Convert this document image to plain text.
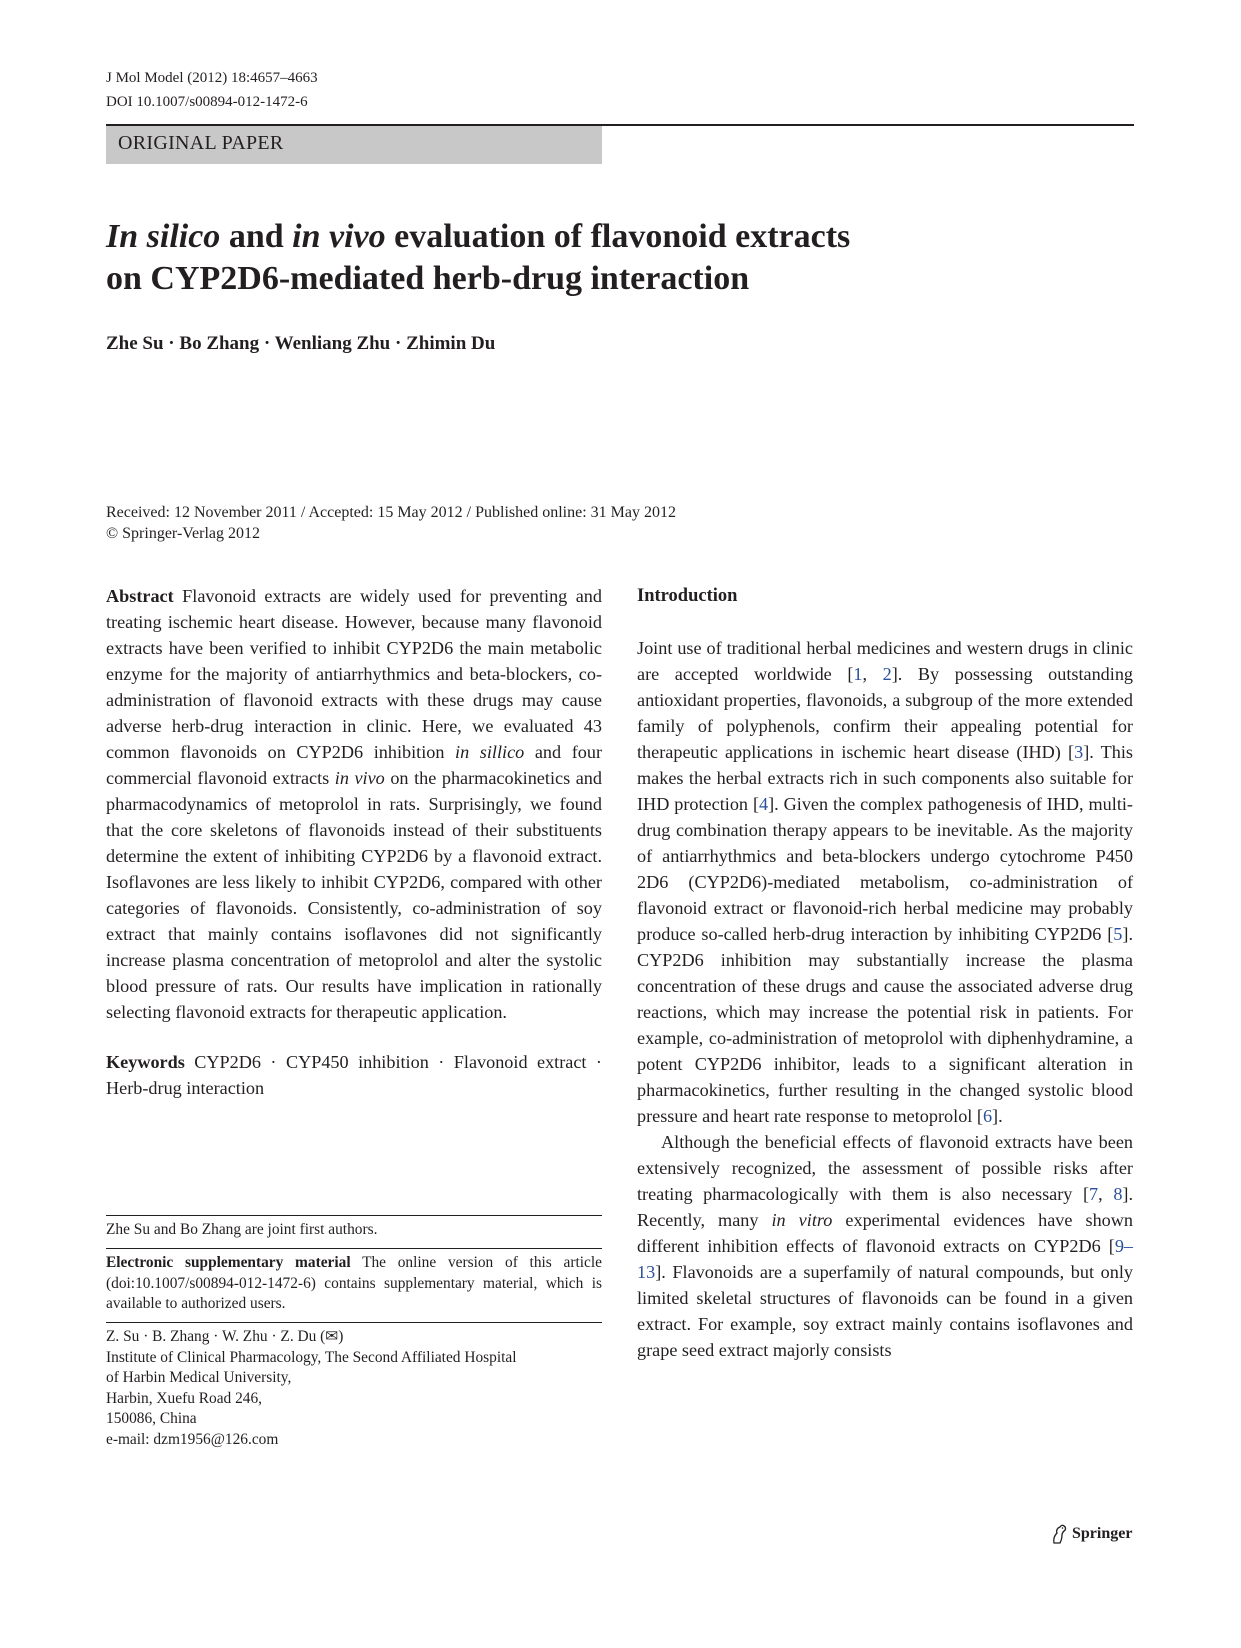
J Mol Model (2012) 18:4657–4663
DOI 10.1007/s00894-012-1472-6
ORIGINAL PAPER
In silico and in vivo evaluation of flavonoid extracts
on CYP2D6-mediated herb-drug interaction
Zhe Su · Bo Zhang · Wenliang Zhu · Zhimin Du
Received: 12 November 2011 / Accepted: 15 May 2012 / Published online: 31 May 2012
© Springer-Verlag 2012

Abstract Flavonoid extracts are widely used for preventing and treating ischemic heart disease. However, because many flavonoid extracts have been verified to inhibit CYP2D6 the main metabolic enzyme for the majority of antiarrhythmics and beta-blockers, co-administration of flavonoid extracts with these drugs may cause adverse herb-drug interaction in clinic. Here, we evaluated 43 common flavonoids on CYP2D6 inhibition in sillico and four commercial flavonoid extracts in vivo on the pharmacokinetics and pharmacodynamics of metoprolol in rats. Surprisingly, we found that the core skeletons of flavonoids instead of their substituents determine the extent of inhibiting CYP2D6 by a flavonoid extract. Isoflavones are less likely to inhibit CYP2D6, compared with other categories of flavonoids. Consistently, co-administration of soy extract that mainly contains isoflavones did not significantly increase plasma concentration of metoprolol and alter the systolic blood pressure of rats. Our results have implication in rationally selecting flavonoid extracts for therapeutic application.

Keywords CYP2D6 · CYP450 inhibition · Flavonoid extract · Herb-drug interaction

Zhe Su and Bo Zhang are joint first authors.
Electronic supplementary material The online version of this article (doi:10.1007/s00894-012-1472-6) contains supplementary material, which is available to authorized users.
Z. Su · B. Zhang · W. Zhu · Z. Du (✉)
Institute of Clinical Pharmacology, The Second Affiliated Hospital
of Harbin Medical University,
Harbin, Xuefu Road 246,
150086, China
e-mail: dzm1956@126.com

Introduction

Joint use of traditional herbal medicines and western drugs in clinic are accepted worldwide [1, 2]. By possessing outstanding antioxidant properties, flavonoids, a subgroup of the more extended family of polyphenols, confirm their appealing potential for therapeutic applications in ischemic heart disease (IHD) [3]. This makes the herbal extracts rich in such components also suitable for IHD protection [4]. Given the complex pathogenesis of IHD, multi-drug combination therapy appears to be inevitable. As the majority of antiarrhythmics and beta-blockers undergo cytochrome P450 2D6 (CYP2D6)-mediated metabolism, co-administration of flavonoid extract or flavonoid-rich herbal medicine may probably produce so-called herb-drug interaction by inhibiting CYP2D6 [5]. CYP2D6 inhibition may substantially increase the plasma concentration of these drugs and cause the associated adverse drug reactions, which may increase the potential risk in patients. For example, co-administration of metoprolol with diphenhydramine, a potent CYP2D6 inhibitor, leads to a significant alteration in pharmacokinetics, further resulting in the changed systolic blood pressure and heart rate response to metoprolol [6].

Although the beneficial effects of flavonoid extracts have been extensively recognized, the assessment of possible risks after treating pharmacologically with them is also necessary [7, 8]. Recently, many in vitro experimental evidences have shown different inhibition effects of flavonoid extracts on CYP2D6 [9–13]. Flavonoids are a superfamily of natural compounds, but only limited skeletal structures of flavonoids can be found in a given extract. For example, soy extract mainly contains isoflavones and grape seed extract majorly consists

Springer
